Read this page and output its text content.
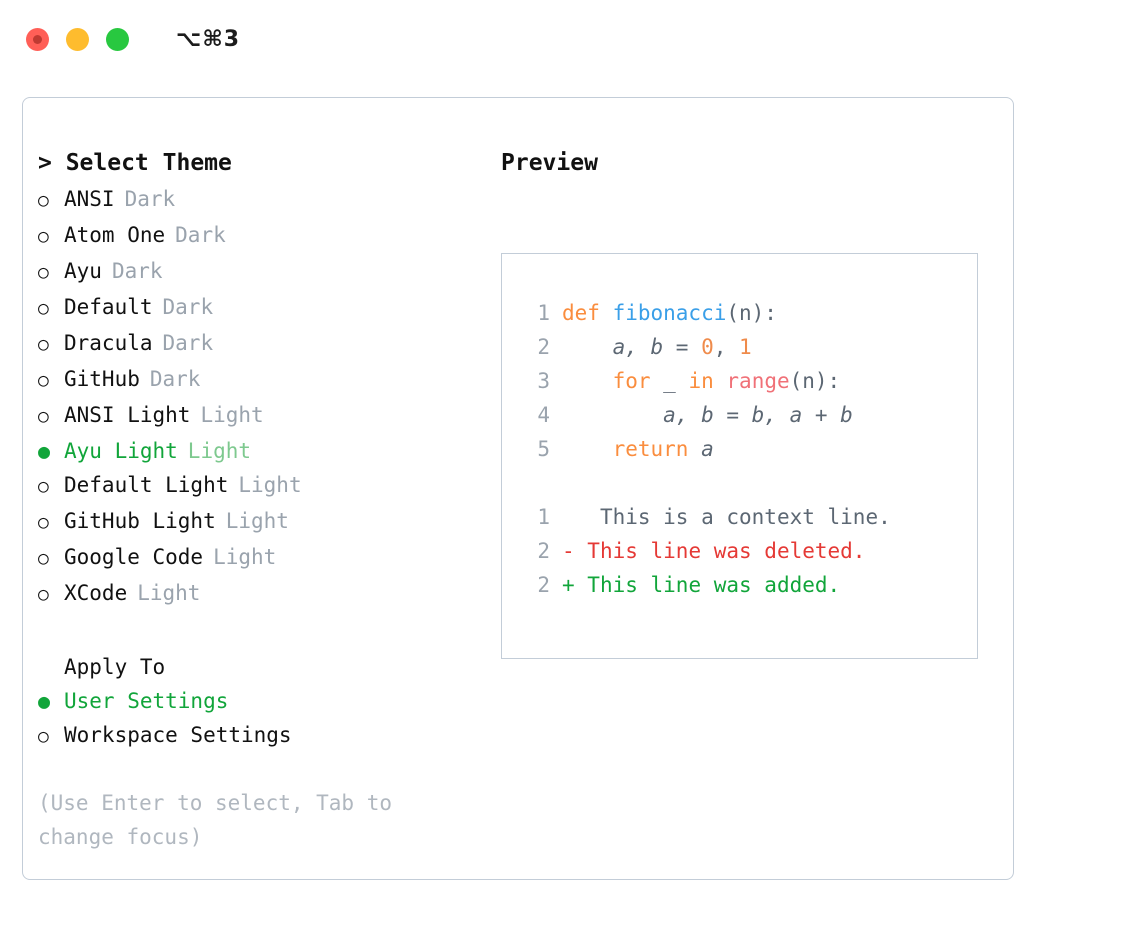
⌥⌘3
> Select Theme
○ ANSI Dark
○ Atom One Dark
○ Ayu Dark
○ Default Dark
○ Dracula Dark
○ GitHub Dark
○ ANSI Light Light
● Ayu Light Light
○ Default Light Light
○ GitHub Light Light
○ Google Code Light
○ XCode Light
Apply To
● User Settings
○ Workspace Settings
(Use Enter to select, Tab to change focus)
Preview
1 def fibonacci (n):
2 a, b = 0 , 1
3
	for _ in
range (n):
4 a, b = b, a + b
5
	return a
1
This is a context line.
2 - This line was deleted.
2 + This line was added.
